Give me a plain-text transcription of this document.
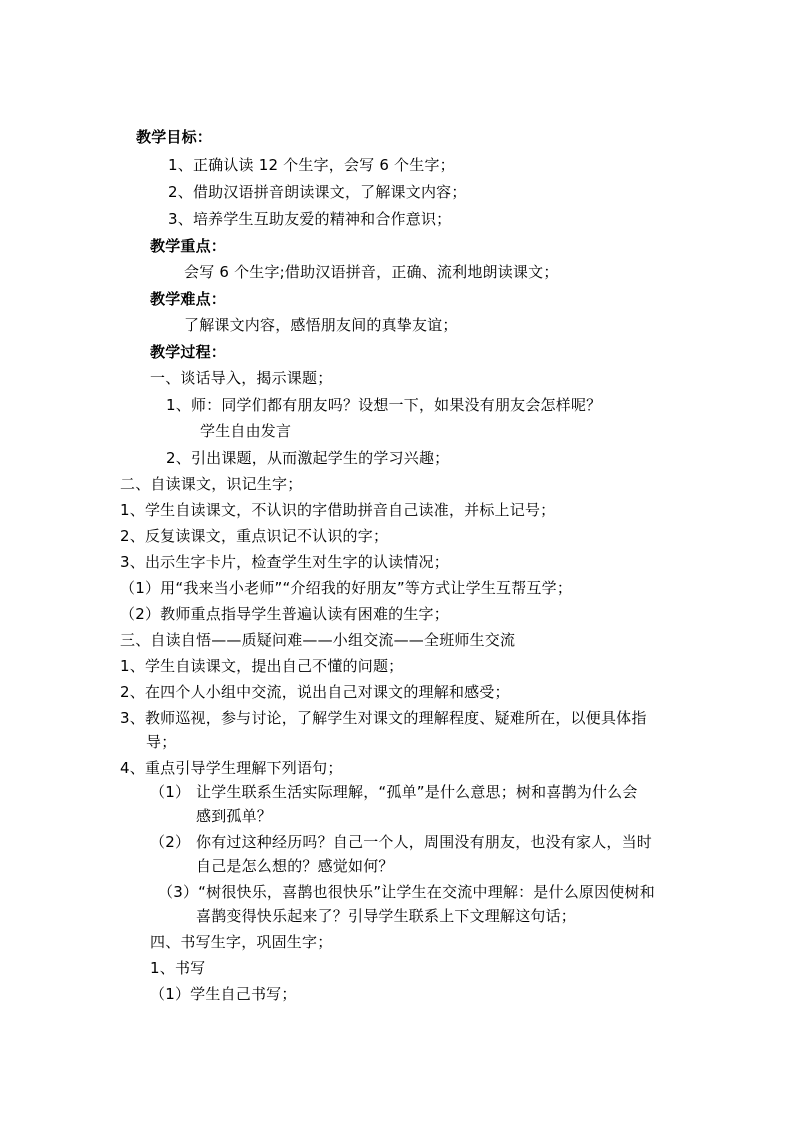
教学目标：
1、正确认读 12 个生字，会写 6 个生字；
2、借助汉语拼音朗读课文，了解课文内容；
3、培养学生互助友爱的精神和合作意识；
教学重点：
会写 6 个生字;借助汉语拼音，正确、流利地朗读课文；
教学难点：
了解课文内容，感悟朋友间的真挚友谊；
教学过程：
一、谈话导入，揭示课题；
1、师：同学们都有朋友吗？设想一下，如果没有朋友会怎样呢？
学生自由发言
2、引出课题，从而激起学生的学习兴趣；
二、自读课文，识记生字；
1、学生自读课文，不认识的字借助拼音自己读准，并标上记号；
2、反复读课文，重点识记不认识的字；
3、出示生字卡片，检查学生对生字的认读情况；
（1）用“我来当小老师”“介绍我的好朋友”等方式让学生互帮互学；
（2）教师重点指导学生普遍认读有困难的生字；
三、自读自悟——质疑问难——小组交流——全班师生交流
1、学生自读课文，提出自己不懂的问题；
2、在四个人小组中交流，说出自己对课文的理解和感受；
3、教师巡视，参与讨论，了解学生对课文的理解程度、疑难所在，以便具体指
导；
4、重点引导学生理解下列语句；
（1） 让学生联系生活实际理解，“孤单”是什么意思；树和喜鹊为什么会
感到孤单？
（2） 你有过这种经历吗？自己一个人，周围没有朋友，也没有家人，当时
自己是怎么想的？感觉如何？
（3）“树很快乐，喜鹊也很快乐”让学生在交流中理解：是什么原因使树和
喜鹊变得快乐起来了？引导学生联系上下文理解这句话；
四、书写生字，巩固生字；
1、书写
（1）学生自己书写；
